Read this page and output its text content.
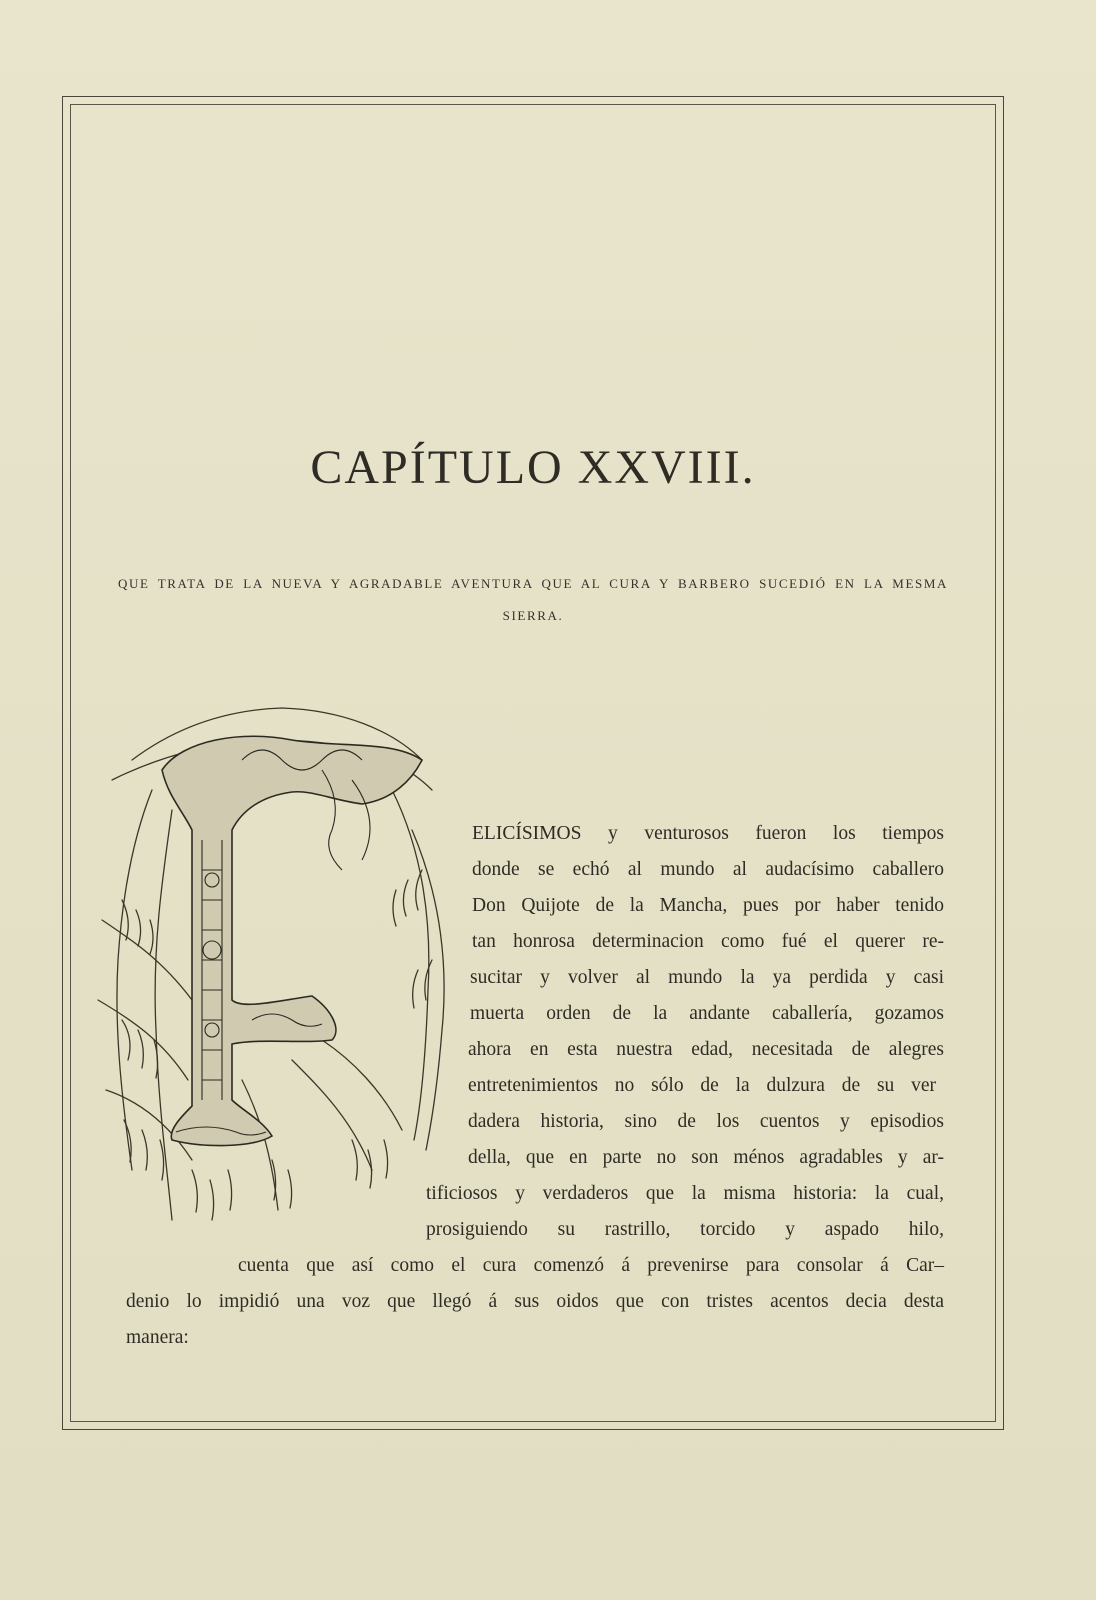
CAPÍTULO XXVIII.

QUE TRATA DE LA NUEVA Y AGRADABLE AVENTURA QUE AL CURA Y BARBERO SUCEDIÓ EN LA MESMA SIERRA.

ELICÍSIMOS y venturosos fueron los tiempos
donde se echó al mundo al audacísimo caballero
Don Quijote de la Mancha, pues por haber tenido
tan honrosa determinacion como fué el querer re-
sucitar y volver al mundo la ya perdida y casi
muerta orden de la andante caballería, gozamos
ahora en esta nuestra edad, necesitada de alegres
entretenimientos no sólo de la dulzura de su ver
dadera historia, sino de los cuentos y episodios
della, que en parte no son ménos agradables y ar-
tificiosos y verdaderos que la misma historia: la cual,
prosiguiendo su rastrillo, torcido y aspado hilo,
cuenta que así como el cura comenzó á prevenirse para consolar á Car–
denio lo impidió una voz que llegó á sus oidos que con tristes acentos decia desta
manera:
